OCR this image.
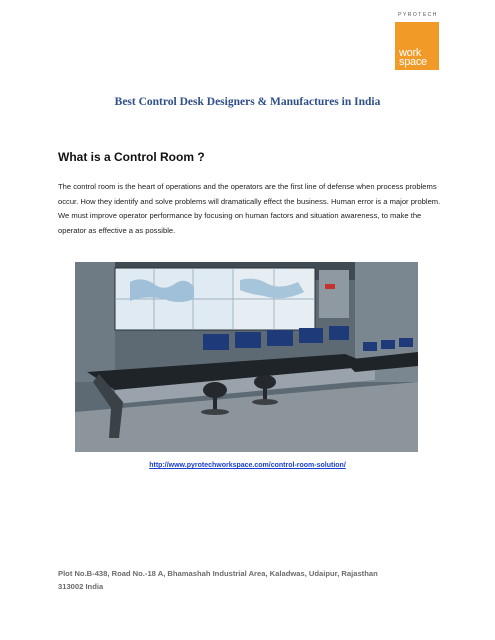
PYROTECH
work
space
Best Control Desk Designers & Manufactures in India
What is a Control Room ?

The control room is the heart of operations and the operators are the first line of defense when process problems occur. How they identify and solve problems will dramatically effect the business. Human error is a major problem. We must improve operator performance by focusing on human factors and situation awareness, to make the operator as effective a as possible.

http://www.pyrotechworkspace.com/control-room-solution/

Plot No.B-438, Road No.-18 A, Bhamashah Industrial Area, Kaladwas, Udaipur, Rajasthan
313002 India
